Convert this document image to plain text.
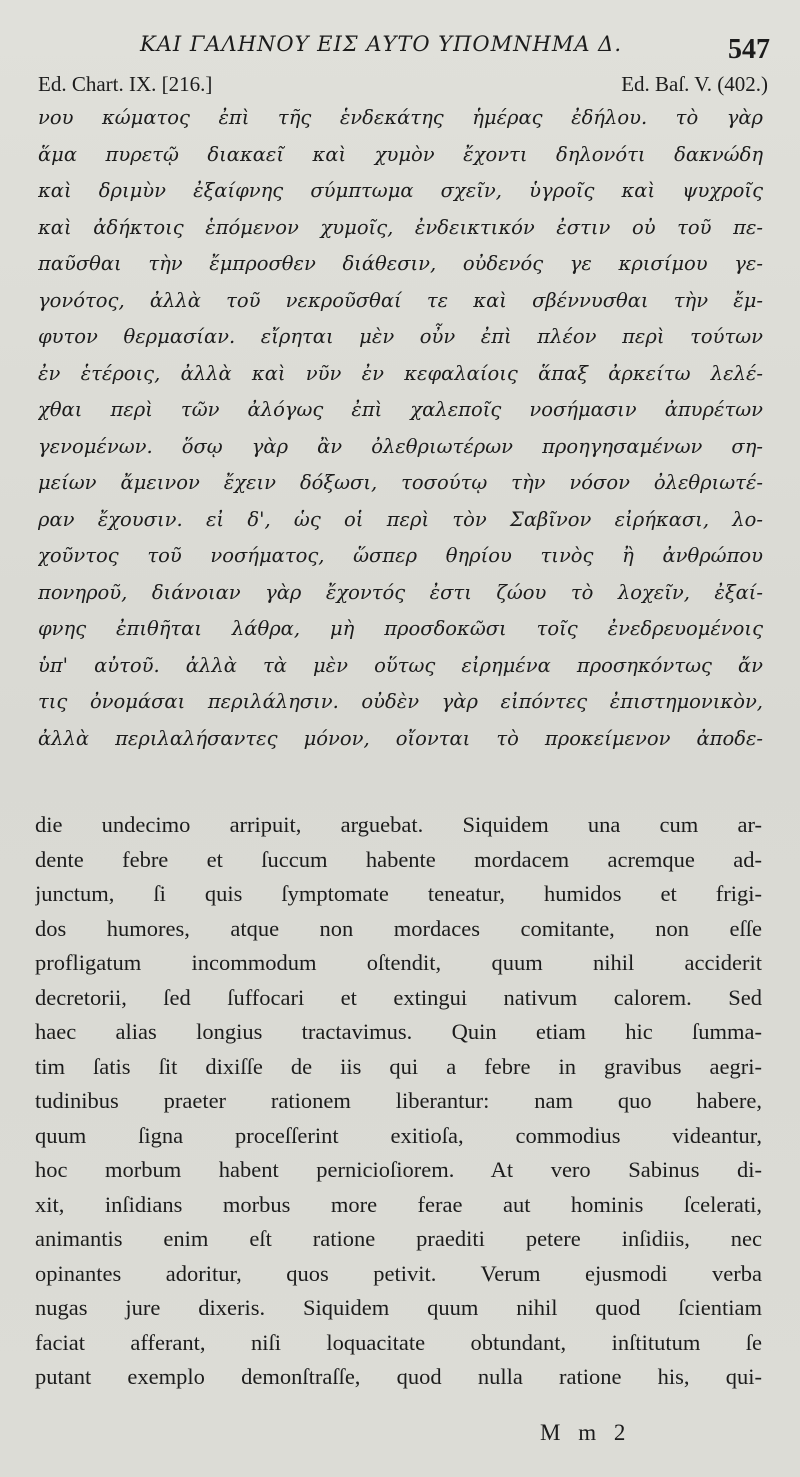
ΚΑΙ ΓΑΛΗΝΟΥ ΕΙΣ ΑΥΤΟ ΥΠΟΜΝΗΜΑ Δ.	547
Ed. Chart. IX. [216.]	Ed. Baſ. V. (402.)
νου κώματος ἐπὶ τῆς ἑνδεκάτης ἡμέρας ἐδήλου. τὸ γὰρ
ἅμα πυρετῷ διακαεῖ καὶ χυμὸν ἔχοντι δηλονότι δακνώδη
καὶ δριμὺν ἐξαίφνης σύμπτωμα σχεῖν, ὑγροῖς καὶ ψυχροῖς
καὶ ἀδήκτοις ἑπόμενον χυμοῖς, ἐνδεικτικόν ἐστιν οὐ τοῦ πε-
παῦσθαι τὴν ἔμπροσθεν διάθεσιν, οὐδενός γε κρισίμου γε-
γονότος, ἀλλὰ τοῦ νεκροῦσθαί τε καὶ σβέννυσθαι τὴν ἔμ-
φυτον θερμασίαν. εἴρηται μὲν οὖν ἐπὶ πλέον περὶ τούτων
ἐν ἑτέροις, ἀλλὰ καὶ νῦν ἐν κεφαλαίοις ἅπαξ ἀρκείτω λελέ-
χθαι περὶ τῶν ἀλόγως ἐπὶ χαλεποῖς νοσήμασιν ἀπυρέτων
γενομένων. ὅσῳ γὰρ ἂν ὀλεθριωτέρων προηγησαμένων ση-
μείων ἄμεινον ἔχειν δόξωσι, τοσούτῳ τὴν νόσον ὀλεθριωτέ-
ραν ἔχουσιν. εἰ δ', ὡς οἱ περὶ τὸν Σαβῖνον εἰρήκασι, λο-
χοῦντος τοῦ νοσήματος, ὥσπερ θηρίου τινὸς ἢ ἀνθρώπου
πονηροῦ, διάνοιαν γὰρ ἔχοντός ἐστι ζώου τὸ λοχεῖν, ἐξαί-
φνης ἐπιθῆται λάθρα, μὴ προσδοκῶσι τοῖς ἐνεδρευομένοις
ὑπ' αὐτοῦ. ἀλλὰ τὰ μὲν οὕτως εἰρημένα προσηκόντως ἄν
τις ὀνομάσαι περιλάλησιν. οὐδὲν γὰρ εἰπόντες ἐπιστημονικὸν,
ἀλλὰ περιλαλήσαντες μόνον, οἴονται τὸ προκείμενον ἀποδε-
die undecimo arripuit, arguebat. Siquidem una cum ar-
dente febre et ſuccum habente mordacem acremque ad-
junctum, ſi quis ſymptomate teneatur, humidos et frigi-
dos humores, atque non mordaces comitante, non eſſe
profligatum incommodum oſtendit, quum nihil acciderit
decretorii, ſed ſuffocari et extingui nativum calorem. Sed
haec alias longius tractavimus. Quin etiam hic ſumma-
tim ſatis ſit dixiſſe de iis qui a febre in gravibus aegri-
tudinibus praeter rationem liberantur: nam quo habere,
quum ſigna proceſſerint exitioſa, commodius videantur,
hoc morbum habent pernicioſiorem. At vero Sabinus di-
xit, inſidians morbus more ferae aut hominis ſcelerati,
animantis enim eſt ratione praediti petere inſidiis, nec
opinantes adoritur, quos petivit. Verum ejusmodi verba
nugas jure dixeris. Siquidem quum nihil quod ſcientiam
faciat afferant, niſi loquacitate obtundant, inſtitutum ſe
putant exemplo demonſtraſſe, quod nulla ratione his, qui-
M m 2
